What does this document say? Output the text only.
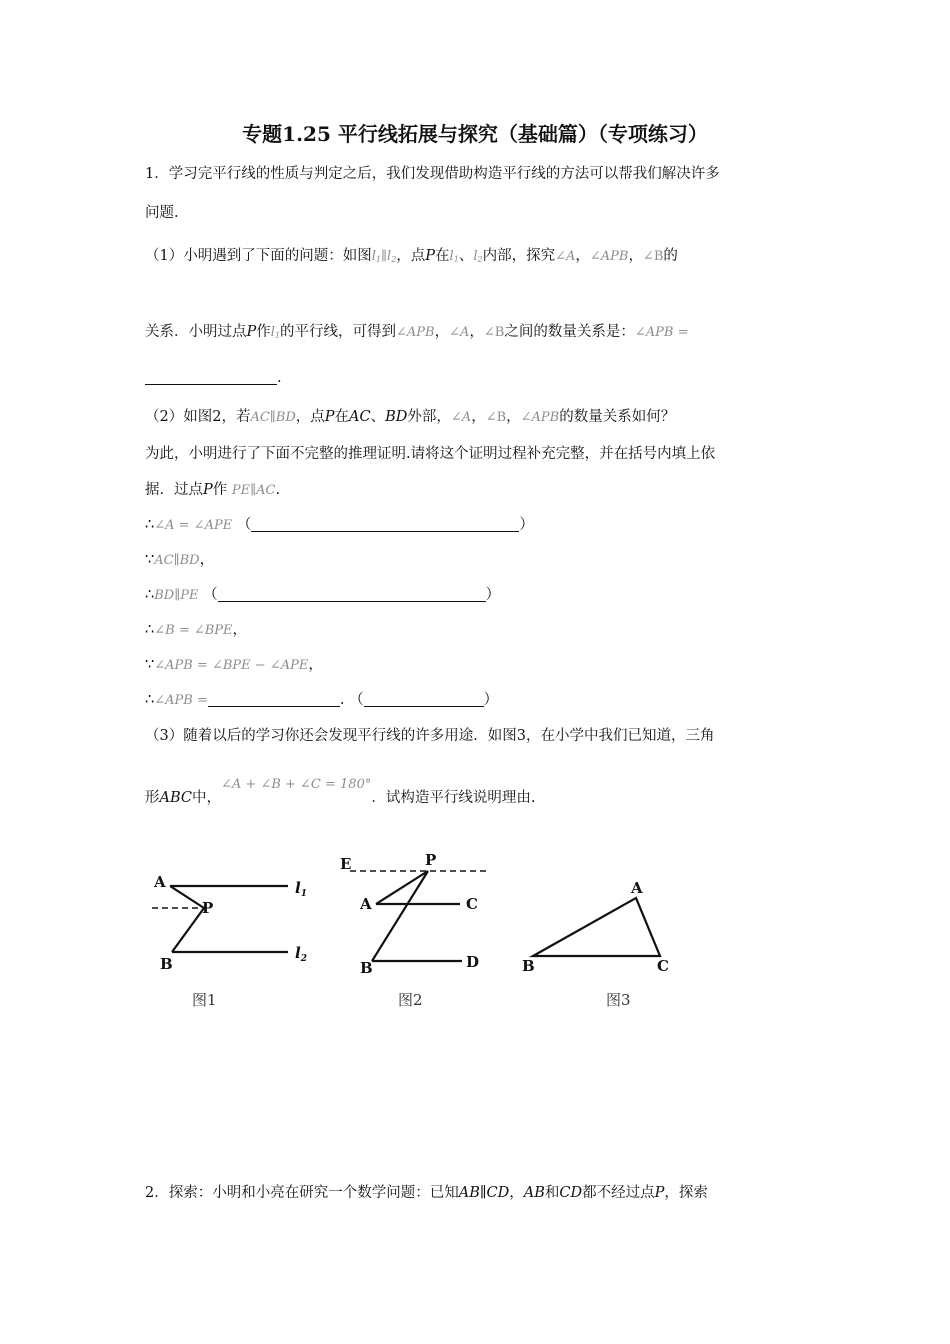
专题1.25 平行线拓展与探究（基础篇）（专项练习）
1．学习完平行线的性质与判定之后，我们发现借助构造平行线的方法可以帮我们解决许多
问题.
（1）小明遇到了下面的问题：如图$l_1\parallel l_2$，点P在$l_1$、$l_2$内部，探究∠A，∠APB，∠B的
关系．小明过点P作$l_1$的平行线，可得到∠APB，∠A，∠B之间的数量关系是：∠APB =
.
（2）如图2，若AC∥BD，点P在AC、BD外部，∠A，∠B，∠APB的数量关系如何？
为此，小明进行了下面不完整的推理证明.请将这个证明过程补充完整，并在括号内填上依
据．过点P作 PE∥AC.
∴∠A = ∠APE （	）
∵AC∥BD，
∴BD∥PE （	）
∴∠B = ∠BPE，
∵∠APB = ∠BPE − ∠APE，
∴∠APB =	. （	）
（3）随着以后的学习你还会发现平行线的许多用途．如图3，在小学中我们已知道，三角
形ABC中，∠A + ∠B + ∠C = 180°．试构造平行线说明理由.
A
P
B
$l_1$
$l_2$
图1
E	P
A	C
B	D
图2
A
B	C
图3
2．探索：小明和小亮在研究一个数学问题：已知AB∥CD，AB和CD都不经过点P，探索
